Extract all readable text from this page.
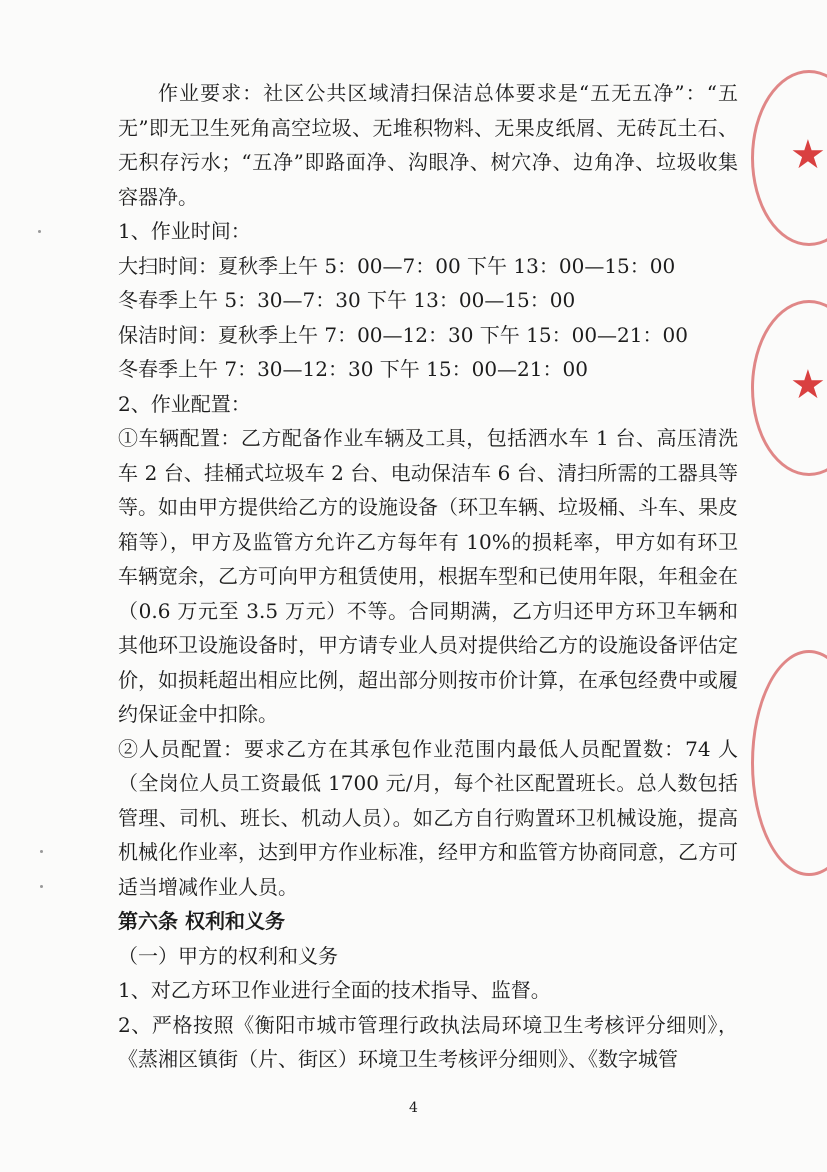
作业要求：社区公共区域清扫保洁总体要求是“五无五净”：“五无”即无卫生死角高空垃圾、无堆积物料、无果皮纸屑、无砖瓦土石、无积存污水；“五净”即路面净、沟眼净、树穴净、边角净、垃圾收集容器净。

1、作业时间：

大扫时间：夏秋季上午 5：00—7：00 下午 13：00—15：00

冬春季上午 5：30—7：30 下午 13：00—15：00

保洁时间：夏秋季上午 7：00—12：30 下午 15：00—21：00

冬春季上午 7：30—12：30 下午 15：00—21：00

2、作业配置：

①车辆配置：乙方配备作业车辆及工具，包括洒水车 1 台、高压清洗车 2 台、挂桶式垃圾车 2 台、电动保洁车 6 台、清扫所需的工器具等等。如由甲方提供给乙方的设施设备（环卫车辆、垃圾桶、斗车、果皮箱等），甲方及监管方允许乙方每年有 10%的损耗率，甲方如有环卫车辆宽余，乙方可向甲方租赁使用，根据车型和已使用年限，年租金在（0.6 万元至 3.5 万元）不等。合同期满，乙方归还甲方环卫车辆和其他环卫设施设备时，甲方请专业人员对提供给乙方的设施设备评估定价，如损耗超出相应比例，超出部分则按市价计算，在承包经费中或履约保证金中扣除。

②人员配置：要求乙方在其承包作业范围内最低人员配置数：74 人（全岗位人员工资最低 1700 元/月，每个社区配置班长。总人数包括管理、司机、班长、机动人员）。如乙方自行购置环卫机械设施，提高机械化作业率，达到甲方作业标准，经甲方和监管方协商同意，乙方可适当增减作业人员。

第六条 权利和义务

（一）甲方的权利和义务

1、对乙方环卫作业进行全面的技术指导、监督。

2、严格按照《衡阳市城市管理行政执法局环境卫生考核评分细则》，《蒸湘区镇街（片、街区）环境卫生考核评分细则》、《数字城管

4
★
★
